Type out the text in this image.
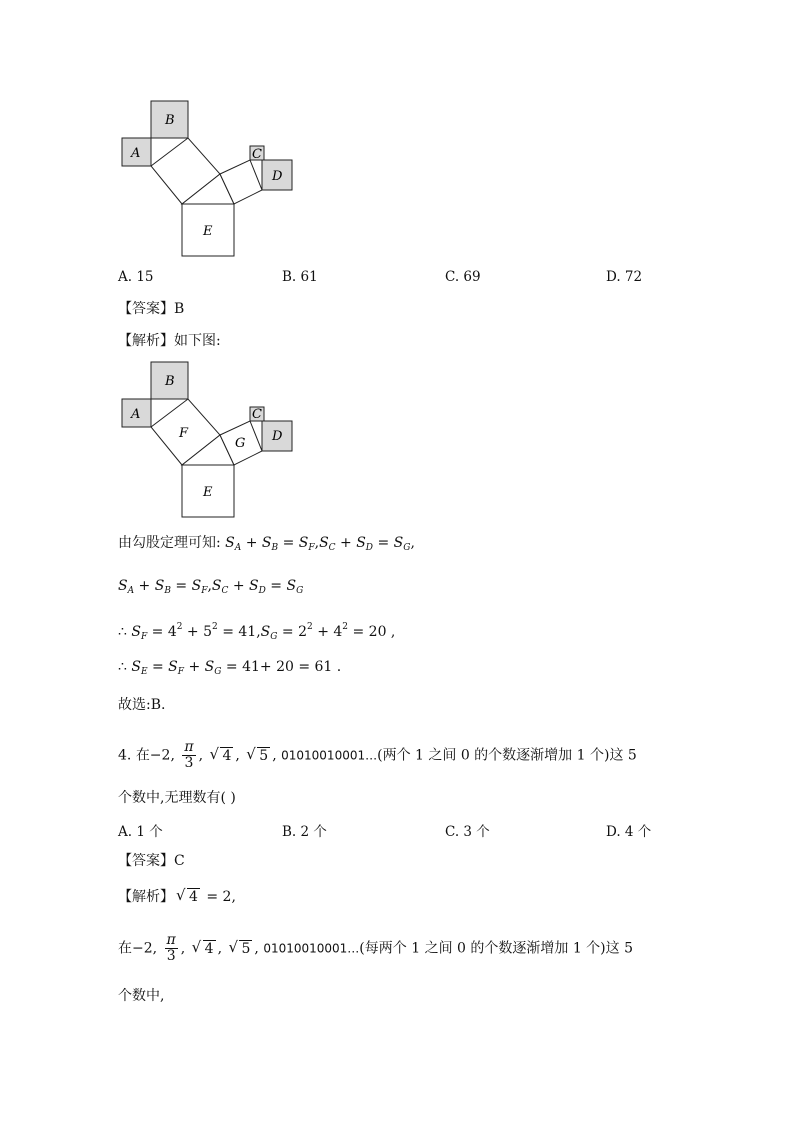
B
A	C
D
E
A. 15	B. 61	C. 69	D. 72
【答案】B
【解析】如下图:
B
A
F
G
C
D
E
由勾股定理可知: $S_A + S_B = S_F,S_C + S_D = S_G$,
$S_A + S_B = S_F,S_C + S_D = S_G$
∴ $S_F = 4^2 + 5^2 = 41,S_G = 2^2 + 4^2 = 20$ ,
∴ $S_E = S_F + S_G = 41+ 20 = 61$ .
故选:B.
4. 在−2, $\frac{\pi}{3}$ , √ 4 , √ 5 , 01010010001…(两个 1 之间 0 的个数逐渐增加 1 个)这 5
个数中,无理数有( )
A. 1 个	B. 2 个	C. 3 个	D. 4 个
【答案】C
【解析】√ 4 = 2,
在−2, $\frac{\pi}{3}$ , √ 4 , √ 5 , 01010010001…(每两个 1 之间 0 的个数逐渐增加 1 个)这 5
个数中,
